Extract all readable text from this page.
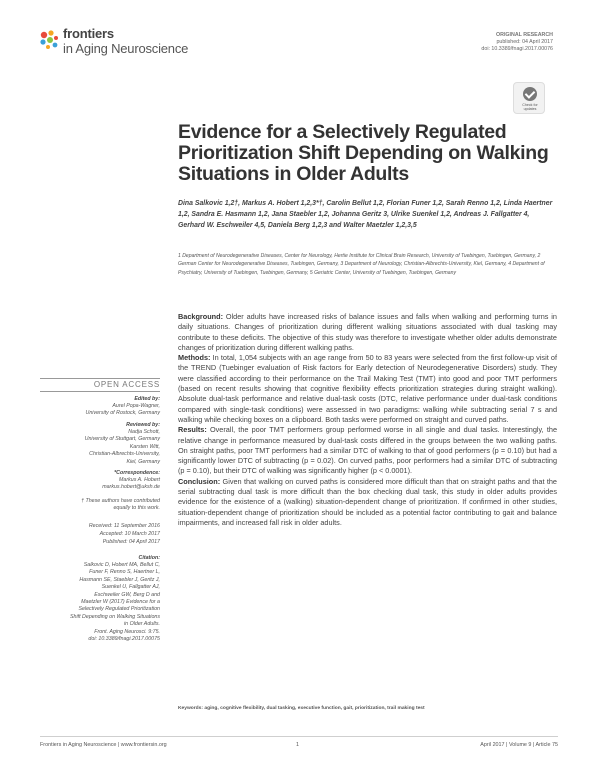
frontiers
in Aging Neuroscience
ORIGINAL RESEARCH
published: 04 April 2017
doi: 10.3389/fnagi.2017.00076
Check for
updates
Evidence for a Selectively Regulated Prioritization Shift Depending on Walking Situations in Older Adults
Dina Salkovic 1,2†, Markus A. Hobert 1,2,3*†, Carolin Bellut 1,2, Florian Funer 1,2, Sarah Renno 1,2, Linda Haertner 1,2, Sandra E. Hasmann 1,2, Jana Staebler 1,2, Johanna Geritz 3, Ulrike Suenkel 1,2, Andreas J. Fallgatter 4, Gerhard W. Eschweiler 4,5, Daniela Berg 1,2,3 and Walter Maetzler 1,2,3,5
1 Department of Neurodegenerative Diseases, Center for Neurology, Hertie Institute for Clinical Brain Research, University of Tuebingen, Tuebingen, Germany, 2 German Center for Neurodegenerative Diseases, Tuebingen, Germany, 3 Department of Neurology, Christian-Albrechts-University, Kiel, Germany, 4 Department of Psychiatry, University of Tuebingen, Tuebingen, Germany, 5 Geriatric Center, University of Tuebingen, Tuebingen, Germany
OPEN ACCESS
Edited by:
Aurel Popa-Wagner,
University of Rostock, Germany
Reviewed by:
Nadja Schott,
University of Stuttgart, Germany
Karsten Witt,
Christian-Albrechts-University,
Kiel, Germany
*Correspondence:
Markus A. Hobert
markus.hobert@uksh.de
† These authors have contributed
equally to this work.
Received: 11 September 2016
Accepted: 10 March 2017
Published: 04 April 2017
Citation:
Salkovic D, Hobert MA, Bellut C,
Funer F, Renno S, Haertner L,
Hasmann SE, Staebler J, Geritz J,
Suenkel U, Fallgatter AJ,
Eschweiler GW, Berg D and
Maetzler W (2017) Evidence for a
Selectively Regulated Prioritization
Shift Depending on Walking Situations
in Older Adults.
Front. Aging Neurosci. 9:75.
doi: 10.3389/fnagi.2017.00075

Background: Older adults have increased risks of balance issues and falls when walking and performing turns in daily situations. Changes of prioritization during different walking situations associated with dual tasking may contribute to these deficits. The objective of this study was therefore to investigate whether older adults demonstrate changes of prioritization during different walking paths.

Methods: In total, 1,054 subjects with an age range from 50 to 83 years were selected from the first follow-up visit of the TREND (Tuebinger evaluation of Risk factors for Early detection of Neurodegenerative Disorders) study. They were classified according to their performance on the Trail Making Test (TMT) into good and poor TMT performers (based on recent results showing that cognitive flexibility effects prioritization strategies during straight walking). Absolute dual-task performance and relative dual-task costs (DTC, relative performance under dual-task conditions compared with single-task conditions) were assessed in two paradigms: walking while subtracting serial 7 s and walking while checking boxes on a clipboard. Both tasks were performed on straight and curved paths.

Results: Overall, the poor TMT performers group performed worse in all single and dual tasks. Interestingly, the relative change in performance measured by dual-task costs differed in the groups between the two walking paths. On straight paths, poor TMT performers had a similar DTC of walking to that of good performers (p = 0.10) but had a significantly lower DTC of subtracting (p = 0.02). On curved paths, poor performers had a similar DTC of subtracting (p = 0.10), but their DTC of walking was significantly higher (p < 0.0001).

Conclusion: Given that walking on curved paths is considered more difficult than that on straight paths and that the serial subtracting dual task is more difficult than the box checking dual task, this study in older adults provides evidence for the existence of a (walking) situation-dependent change of prioritization. If confirmed in other studies, situation-dependent change of prioritization should be included as a potential factor contributing to gait and balance impairments, and increased fall risk in older adults.

Keywords: aging, cognitive flexibility, dual tasking, executive function, gait, prioritization, trail making test
Frontiers in Aging Neuroscience | www.frontiersin.org	1	April 2017 | Volume 9 | Article 75
